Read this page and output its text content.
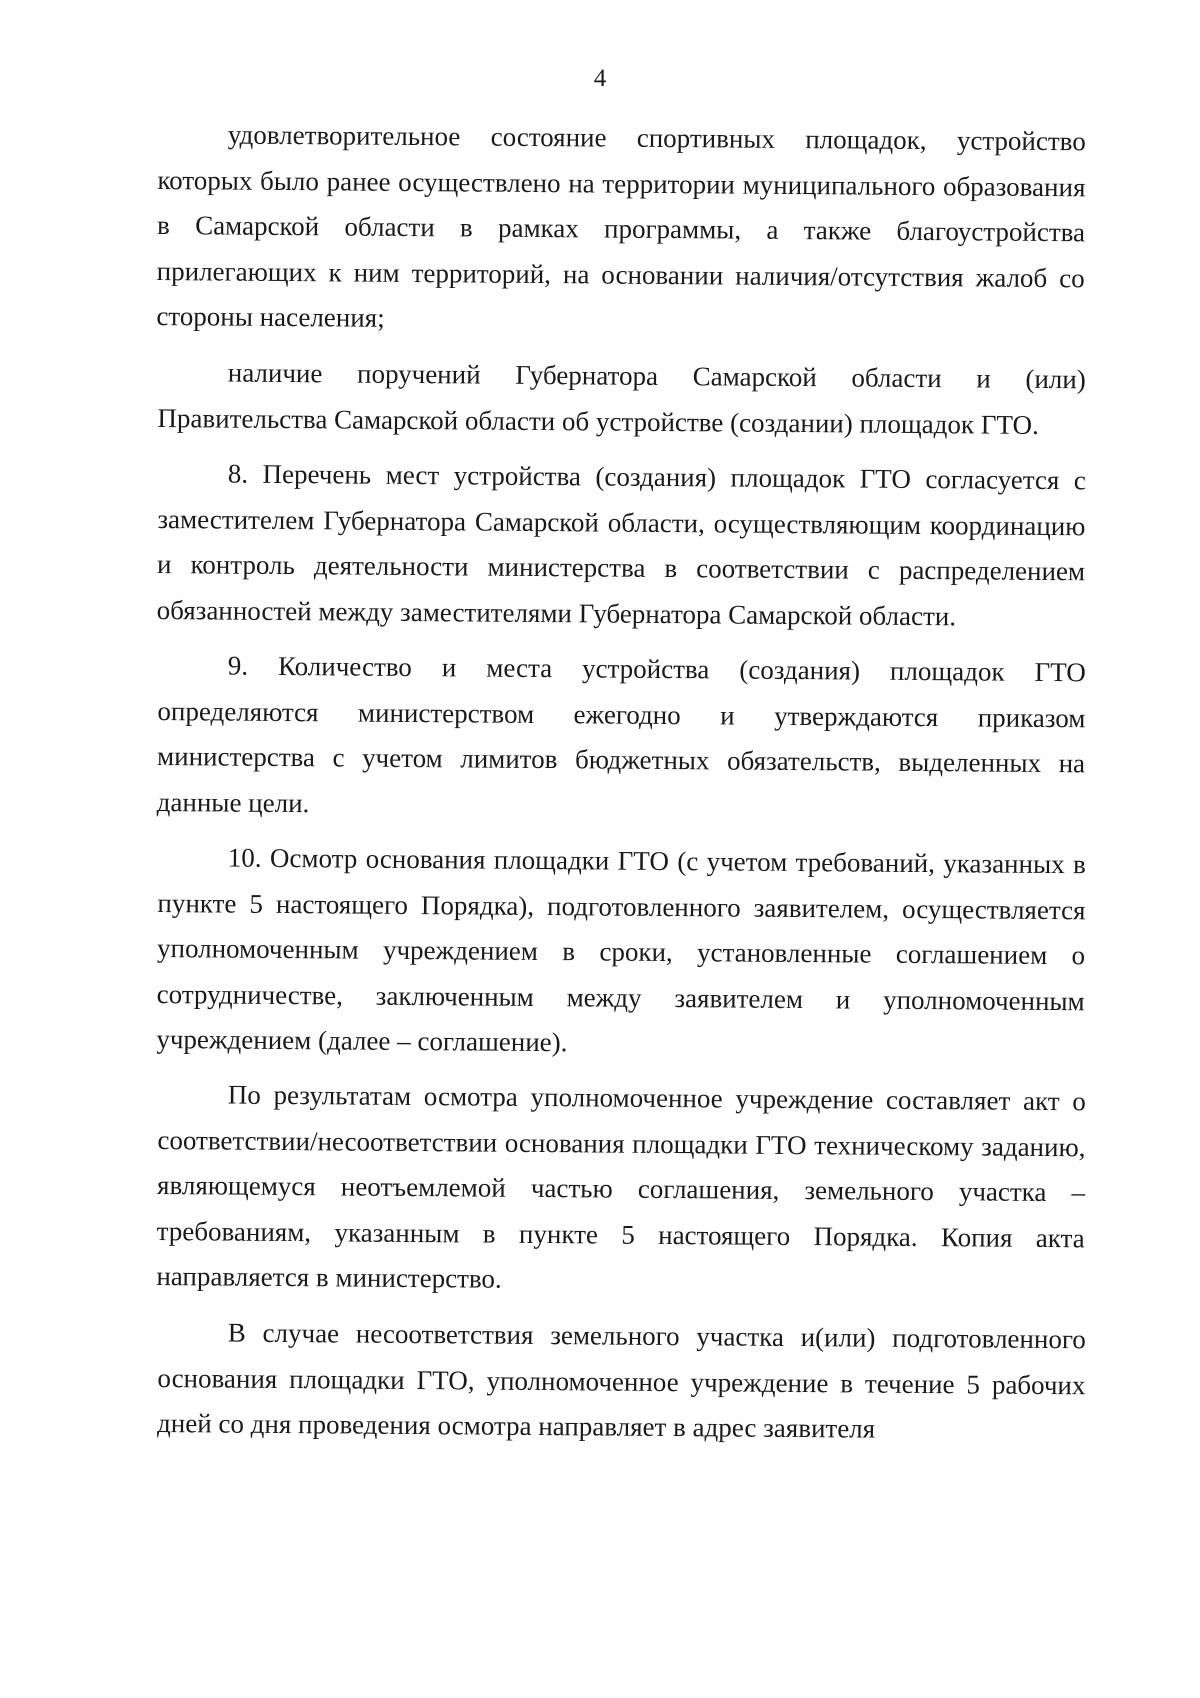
4

удовлетворительное состояние спортивных площадок, устройство которых было ранее осуществлено на территории муниципального образования в Самарской области в рамках программы, а также благоустройства прилегающих к ним территорий, на основании наличия/отсутствия жалоб со стороны населения;

наличие поручений Губернатора Самарской области и (или) Правительства Самарской области об устройстве (создании) площадок ГТО.

8. Перечень мест устройства (создания) площадок ГТО согласуется с заместителем Губернатора Самарской области, осуществляющим координацию и контроль деятельности министерства в соответствии с распределением обязанностей между заместителями Губернатора Самарской области.

9. Количество и места устройства (создания) площадок ГТО определяются министерством ежегодно и утверждаются приказом министерства с учетом лимитов бюджетных обязательств, выделенных на данные цели.

10. Осмотр основания площадки ГТО (с учетом требований, указанных в пункте 5 настоящего Порядка), подготовленного заявителем, осуществляется уполномоченным учреждением в сроки, установленные соглашением о сотрудничестве, заключенным между заявителем и уполномоченным учреждением (далее – соглашение).

По результатам осмотра уполномоченное учреждение составляет акт о соответствии/несоответствии основания площадки ГТО техническому заданию, являющемуся неотъемлемой частью соглашения, земельного участка – требованиям, указанным в пункте 5 настоящего Порядка. Копия акта направляется в министерство.

В случае несоответствия земельного участка и(или) подготовленного основания площадки ГТО, уполномоченное учреждение в течение 5 рабочих дней со дня проведения осмотра направляет в адрес заявителя
